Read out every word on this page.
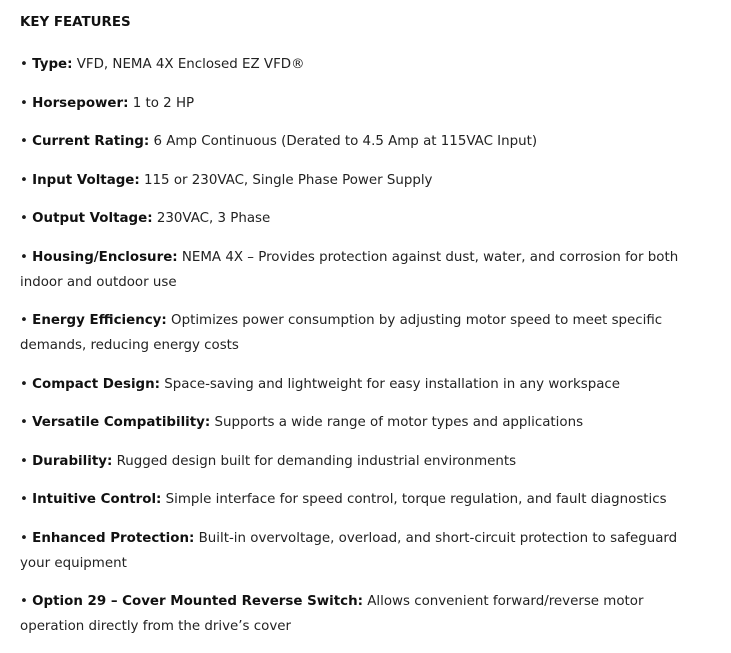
KEY FEATURES
• Type: VFD, NEMA 4X Enclosed EZ VFD®
• Horsepower: 1 to 2 HP
• Current Rating: 6 Amp Continuous (Derated to 4.5 Amp at 115VAC Input)
• Input Voltage: 115 or 230VAC, Single Phase Power Supply
• Output Voltage: 230VAC, 3 Phase
• Housing/Enclosure: NEMA 4X – Provides protection against dust, water, and corrosion for both indoor and outdoor use
• Energy Efficiency: Optimizes power consumption by adjusting motor speed to meet specific demands, reducing energy costs
• Compact Design: Space-saving and lightweight for easy installation in any workspace
• Versatile Compatibility: Supports a wide range of motor types and applications
• Durability: Rugged design built for demanding industrial environments
• Intuitive Control: Simple interface for speed control, torque regulation, and fault diagnostics
• Enhanced Protection: Built-in overvoltage, overload, and short-circuit protection to safeguard your equipment
• Option 29 – Cover Mounted Reverse Switch: Allows convenient forward/reverse motor operation directly from the drive’s cover
